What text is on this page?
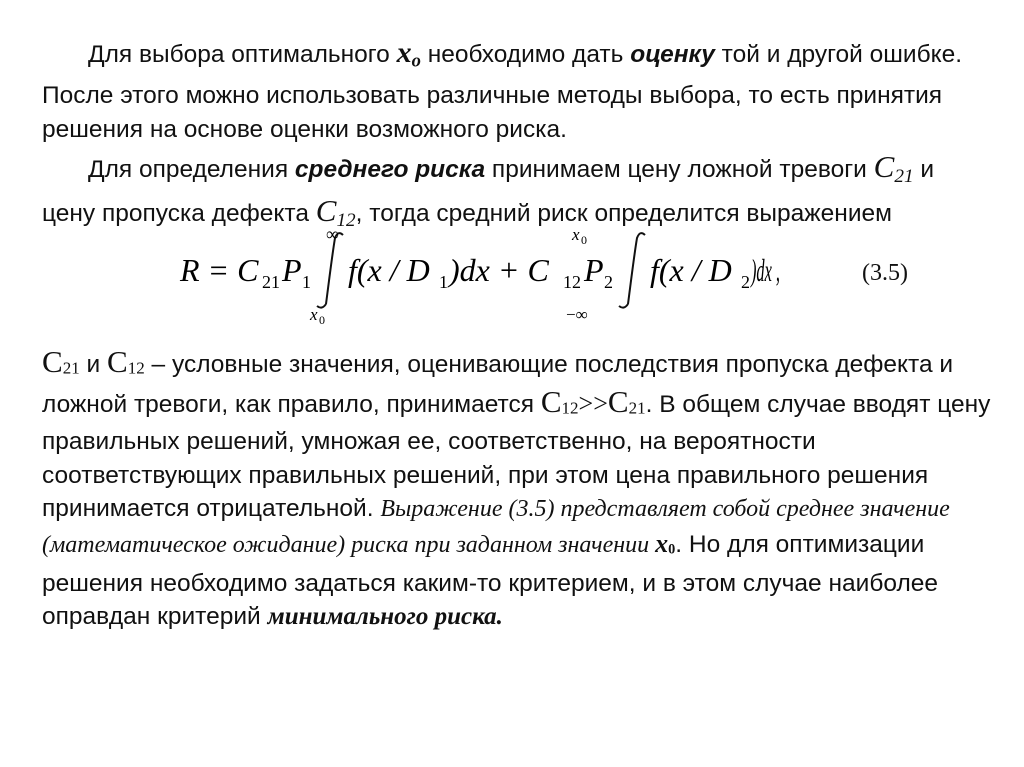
Для выбора оптимального $x_o$ необходимо дать оценку той и другой ошибке. После этого можно использовать различные методы выбора, то есть принятия решения на основе оценки возможного риска.

Для определения среднего риска принимаем цену ложной тревоги $C_{21}$ и цену пропуска дефекта $C_{12}$, тогда средний риск определится выражением

R = C 21 P 1
∞
x 0
f(x / D 1 )dx + C 12 P 2
x 0
−∞
f(x / D 2 )dx ,	(3.5)

C21 и C12 – условные значения, оценивающие последствия пропуска дефекта и ложной тревоги, как правило, принимается C12>>C21. В общем случае вводят цену правильных решений, умножая ее, соответственно, на вероятности соответствующих правильных решений, при этом цена правильного решения принимается отрицательной. Выражение (3.5) представляет собой среднее значение (математическое ожидание) риска при заданном значении x0. Но для оптимизации решения необходимо задаться каким-то критерием, и в этом случае наиболее оправдан критерий минимального риска.
